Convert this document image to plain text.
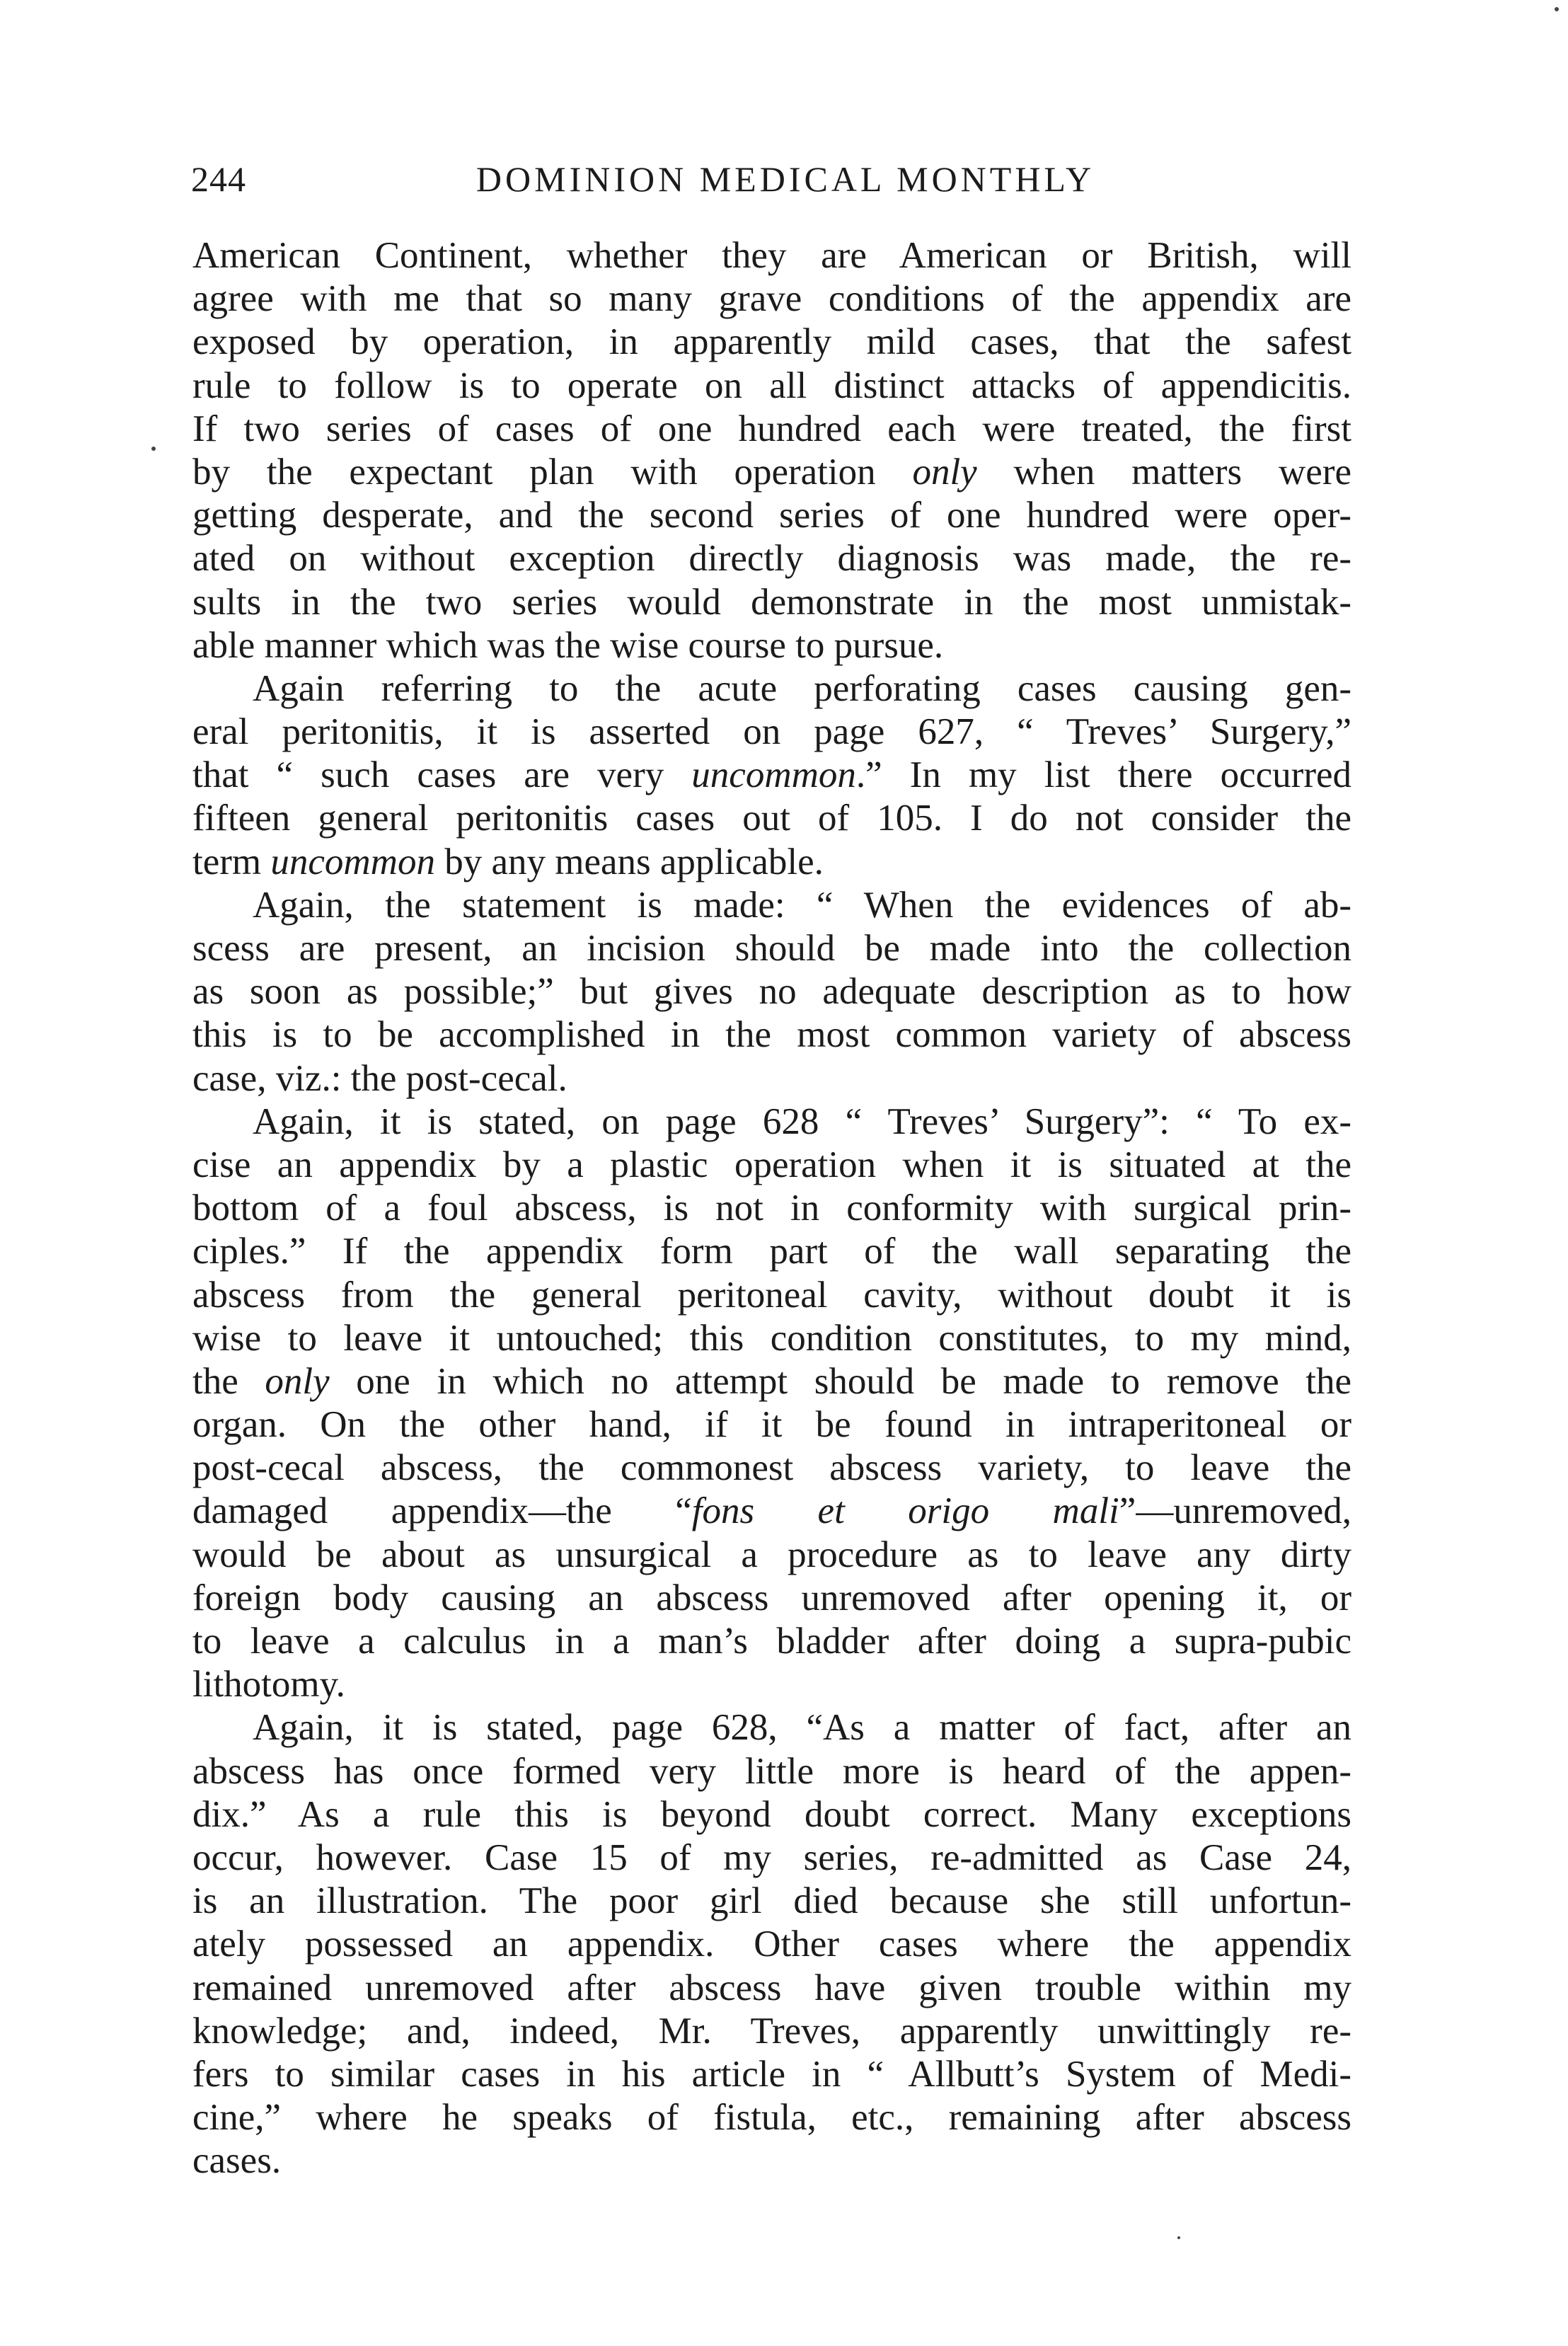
244	DOMINION MEDICAL MONTHLY
American Continent, whether they are American or British, will
agree with me that so many grave conditions of the appendix are
exposed by operation, in apparently mild cases, that the safest
rule to follow is to operate on all distinct attacks of appendicitis.
If two series of cases of one hundred each were treated, the first
by the expectant plan with operation only when matters were
getting desperate, and the second series of one hundred were oper-
ated on without exception directly diagnosis was made, the re-
sults in the two series would demonstrate in the most unmistak-
able manner which was the wise course to pursue.
Again referring to the acute perforating cases causing gen-
eral peritonitis, it is asserted on page 627, “ Treves’ Surgery,”
that “ such cases are very uncommon.” In my list there occurred
fifteen general peritonitis cases out of 105. I do not consider the
term uncommon by any means applicable.
Again, the statement is made: “ When the evidences of ab-
scess are present, an incision should be made into the collection
as soon as possible;” but gives no adequate description as to how
this is to be accomplished in the most common variety of abscess
case, viz.: the post-cecal.
Again, it is stated, on page 628 “ Treves’ Surgery”: “ To ex-
cise an appendix by a plastic operation when it is situated at the
bottom of a foul abscess, is not in conformity with surgical prin-
ciples.” If the appendix form part of the wall separating the
abscess from the general peritoneal cavity, without doubt it is
wise to leave it untouched; this condition constitutes, to my mind,
the only one in which no attempt should be made to remove the
organ. On the other hand, if it be found in intraperitoneal or
post-cecal abscess, the commonest abscess variety, to leave the
damaged appendix—the “fons et origo mali”—unremoved,
would be about as unsurgical a procedure as to leave any dirty
foreign body causing an abscess unremoved after opening it, or
to leave a calculus in a man’s bladder after doing a supra-pubic
lithotomy.
Again, it is stated, page 628, “As a matter of fact, after an
abscess has once formed very little more is heard of the appen-
dix.” As a rule this is beyond doubt correct. Many exceptions
occur, however. Case 15 of my series, re-admitted as Case 24,
is an illustration. The poor girl died because she still unfortun-
ately possessed an appendix. Other cases where the appendix
remained unremoved after abscess have given trouble within my
knowledge; and, indeed, Mr. Treves, apparently unwittingly re-
fers to similar cases in his article in “ Allbutt’s System of Medi-
cine,” where he speaks of fistula, etc., remaining after abscess
cases.
